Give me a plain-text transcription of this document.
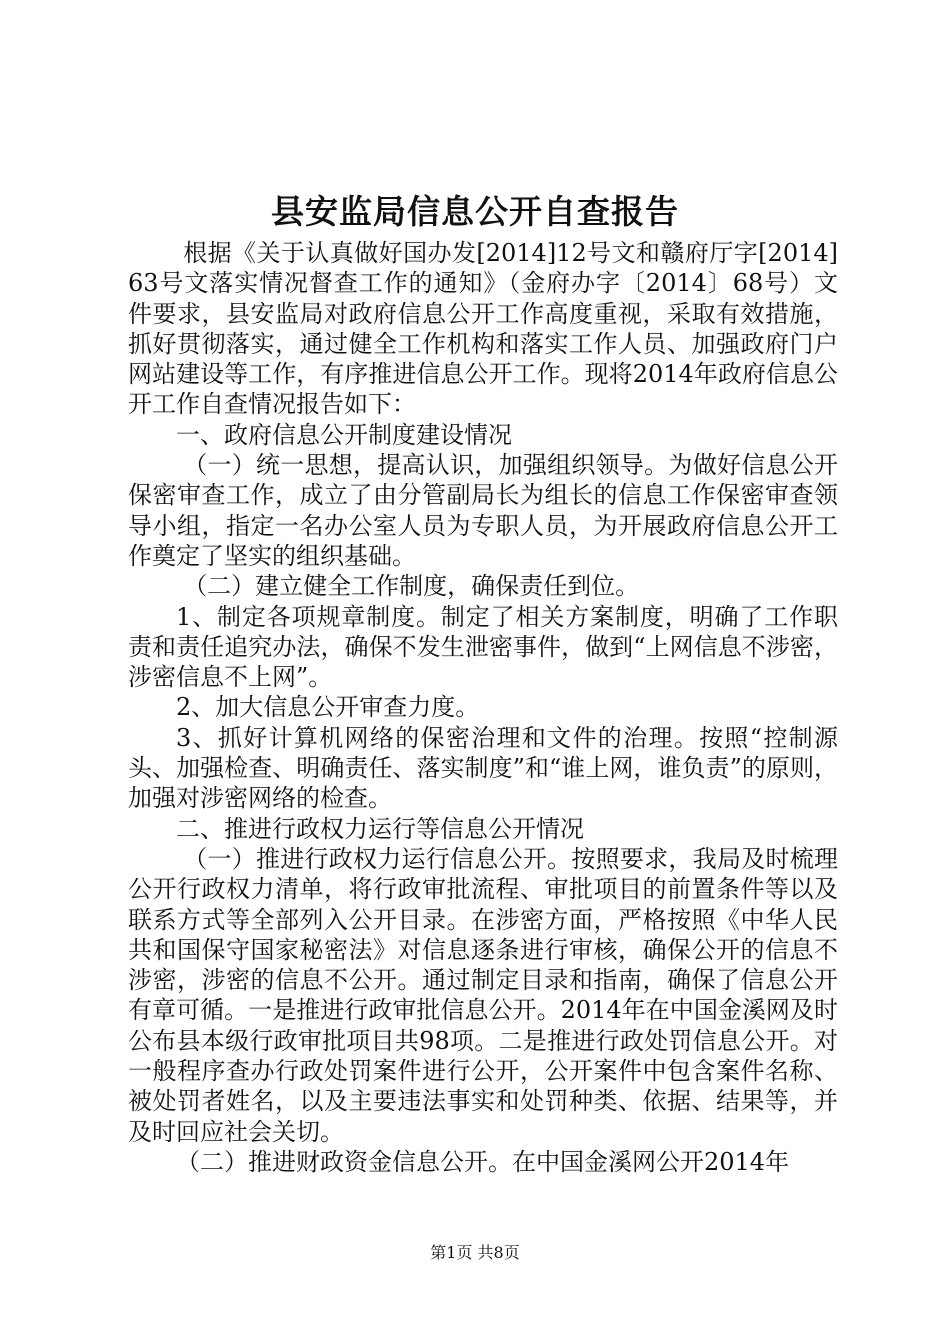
县安监局信息公开自查报告

根据《关于认真做好国办发[2014]12号文和赣府厅字[2014]63号文落实情况督查工作的通知》（金府办字〔2014〕68号）文件要求，县安监局对政府信息公开工作高度重视，采取有效措施，抓好贯彻落实，通过健全工作机构和落实工作人员、加强政府门户网站建设等工作，有序推进信息公开工作。现将2014年政府信息公开工作自查情况报告如下：

一、政府信息公开制度建设情况

（一）统一思想，提高认识，加强组织领导。为做好信息公开保密审查工作，成立了由分管副局长为组长的信息工作保密审查领导小组，指定一名办公室人员为专职人员，为开展政府信息公开工作奠定了坚实的组织基础。

（二）建立健全工作制度，确保责任到位。

1、制定各项规章制度。制定了相关方案制度，明确了工作职责和责任追究办法，确保不发生泄密事件，做到“上网信息不涉密，涉密信息不上网”。

2、加大信息公开审查力度。

3、抓好计算机网络的保密治理和文件的治理。按照“控制源头、加强检查、明确责任、落实制度”和“谁上网，谁负责”的原则，加强对涉密网络的检查。

二、推进行政权力运行等信息公开情况

（一）推进行政权力运行信息公开。按照要求，我局及时梳理公开行政权力清单，将行政审批流程、审批项目的前置条件等以及联系方式等全部列入公开目录。在涉密方面，严格按照《中华人民共和国保守国家秘密法》对信息逐条进行审核，确保公开的信息不涉密，涉密的信息不公开。通过制定目录和指南，确保了信息公开有章可循。一是推进行政审批信息公开。2014年在中国金溪网及时公布县本级行政审批项目共98项。二是推进行政处罚信息公开。对一般程序查办行政处罚案件进行公开，公开案件中包含案件名称、被处罚者姓名，以及主要违法事实和处罚种类、依据、结果等，并及时回应社会关切。

（二）推进财政资金信息公开。在中国金溪网公开2014年

第1页 共8页
